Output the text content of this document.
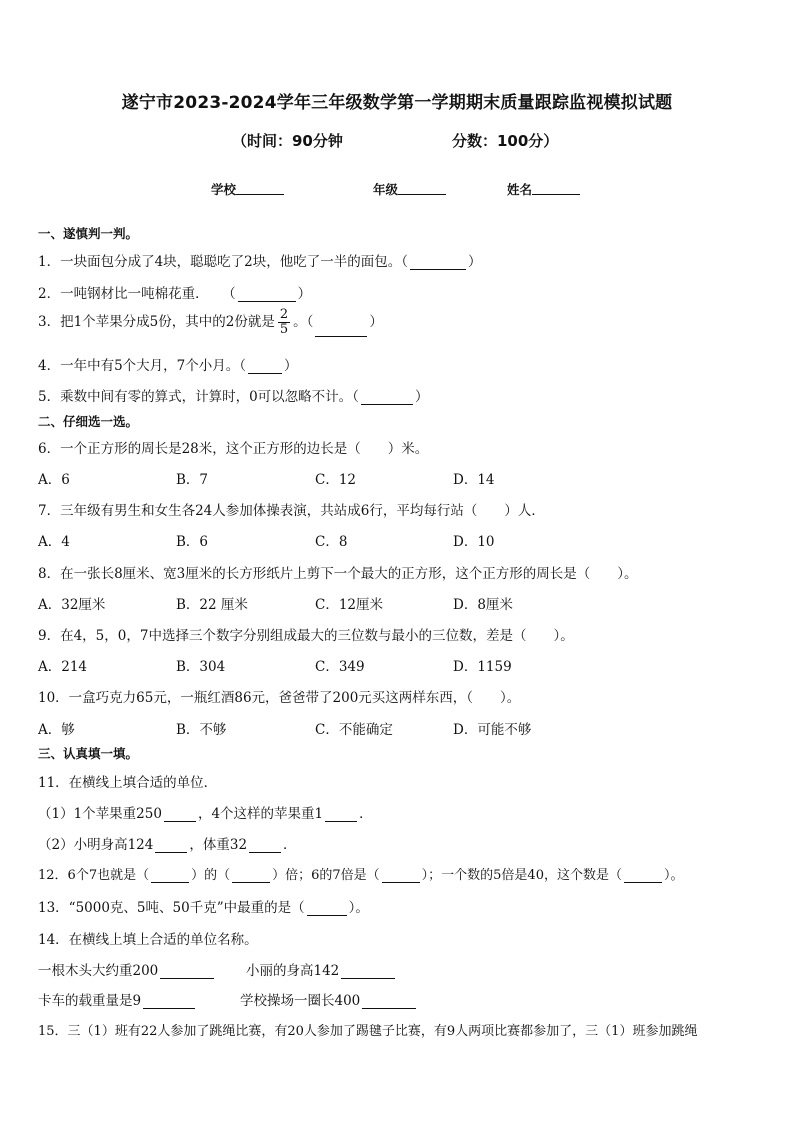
遂宁市2023-2024学年三年级数学第一学期期末质量跟踪监视模拟试题
（时间：90分钟	分数：100分）
学校	年级	姓名
一、遂慎判一判。
1．一块面包分成了4块，聪聪吃了2块，他吃了一半的面包。（	）
2．一吨钢材比一吨棉花重．　　（	）
3．把1个苹果分成5份，其中的2份就是 $\frac{2}{5}$ 。（	）
4．一年中有5个大月，7个小月。（	）
5．乘数中间有零的算式，计算时，0可以忽略不计。（	）
二、仔细选一选。
6．一个正方形的周长是28米，这个正方形的边长是（　　）米。
A．6	B．7	C．12	D．14
7．三年级有男生和女生各24人参加体操表演，共站成6行，平均每行站（　　）人．
A．4	B．6	C．8	D．10
8．在一张长8厘米、宽3厘米的长方形纸片上剪下一个最大的正方形，这个正方形的周长是（　　）。
A．32厘米	B．22 厘米	C．12厘米	D．8厘米
9．在4，5，0，7中选择三个数字分别组成最大的三位数与最小的三位数，差是（　　）。
A．214	B．304	C．349	D．1159
10．一盒巧克力65元，一瓶红酒86元，爸爸带了200元买这两样东西，（　　）。
A．够	B．不够	C．不能确定	D．可能不够
三、认真填一填。
11．在横线上填合适的单位．
（1）1个苹果重250	，4个这样的苹果重1	．
（2）小明身高124	，体重32	．
12．6个7也就是（	）的（	）倍；6的7倍是（	）；一个数的5倍是40，这个数是（	）。
13．“5000克、5吨、50千克”中最重的是（	）。
14．在横线上填上合适的单位名称。
一根木头大约重200	小丽的身高142
卡车的载重量是9	学校操场一圈长400
15．三（1）班有22人参加了跳绳比赛，有20人参加了踢毽子比赛，有9人两项比赛都参加了，三（1）班参加跳绳
